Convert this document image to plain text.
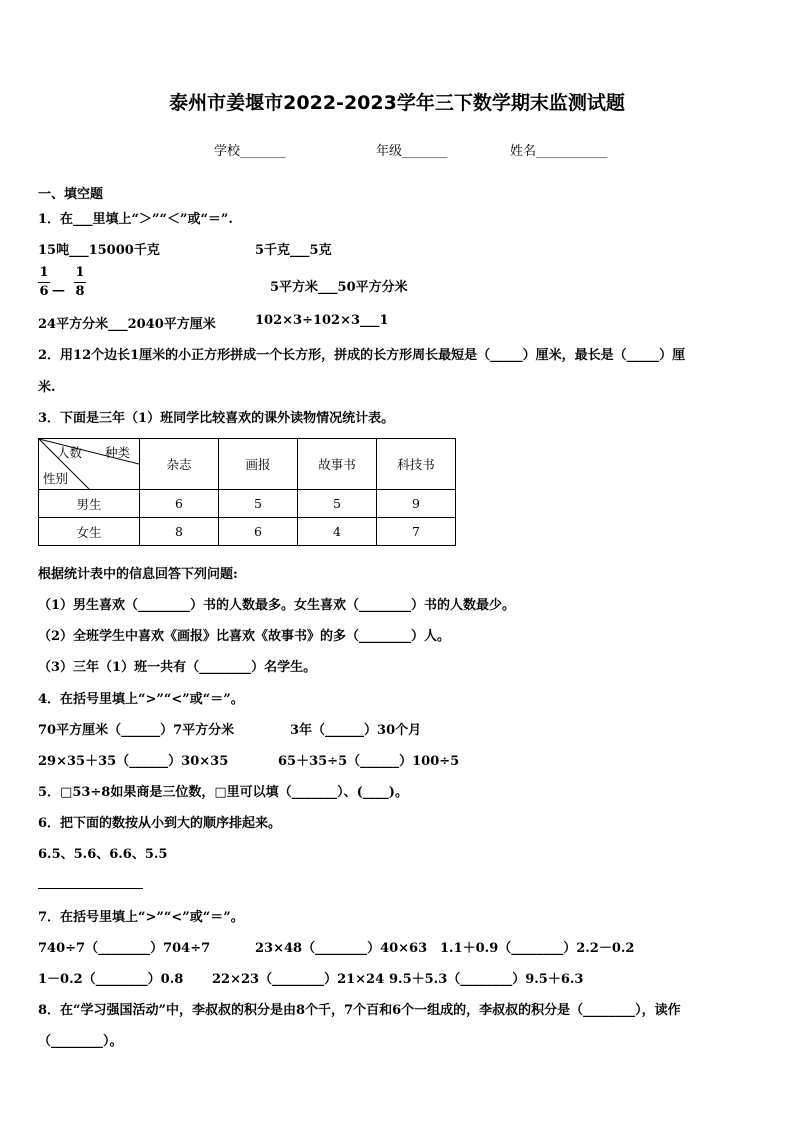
泰州市姜堰市2022-2023学年三下数学期末监测试题
学校_______	年级_______	姓名___________
一、填空题
1．在___里填上“＞”“＜”或“＝”.
15吨___15000千克	5千克___5克
1
6 —
1
8	5平方米___50平方分米
24平方分米___2040平方厘米	102×3÷102×3___1
2．用12个边长1厘米的小正方形拼成一个长方形，拼成的长方形周长最短是（_____）厘米，最长是（_____）厘
米.
3．下面是三年（1）班同学比较喜欢的课外读物情况统计表。
人数 种类
性别	杂志	画报	故事书	科技书
男生	6	5	5	9
女生	8	6	4	7
根据统计表中的信息回答下列问题:
（1）男生喜欢（________）书的人数最多。女生喜欢（________）书的人数最少。
（2）全班学生中喜欢《画报》比喜欢《故事书》的多（________）人。
（3）三年（1）班一共有（________）名学生。
4．在括号里填上“>”“<”或“＝”。
70平方厘米（______）7平方分米	3年（______）30个月
29×35＋35（______）30×35	65＋35÷5（______）100÷5
5．□53÷8如果商是三位数，□里可以填（_______）、(____)。
6．把下面的数按从小到大的顺序排起来。
6.5、5.6、6.6、5.5
7．在括号里填上“>”“<”或“＝”。
740÷7（________）704÷7	23×48（________）40×63 1.1＋0.9（________）2.2－0.2
1－0.2（________）0.8 22×23（________）21×24 9.5＋5.3（________）9.5＋6.3
8．在“学习强国活动”中，李叔叔的积分是由8个千，7个百和6个一组成的，李叔叔的积分是（________），读作
（________）。
